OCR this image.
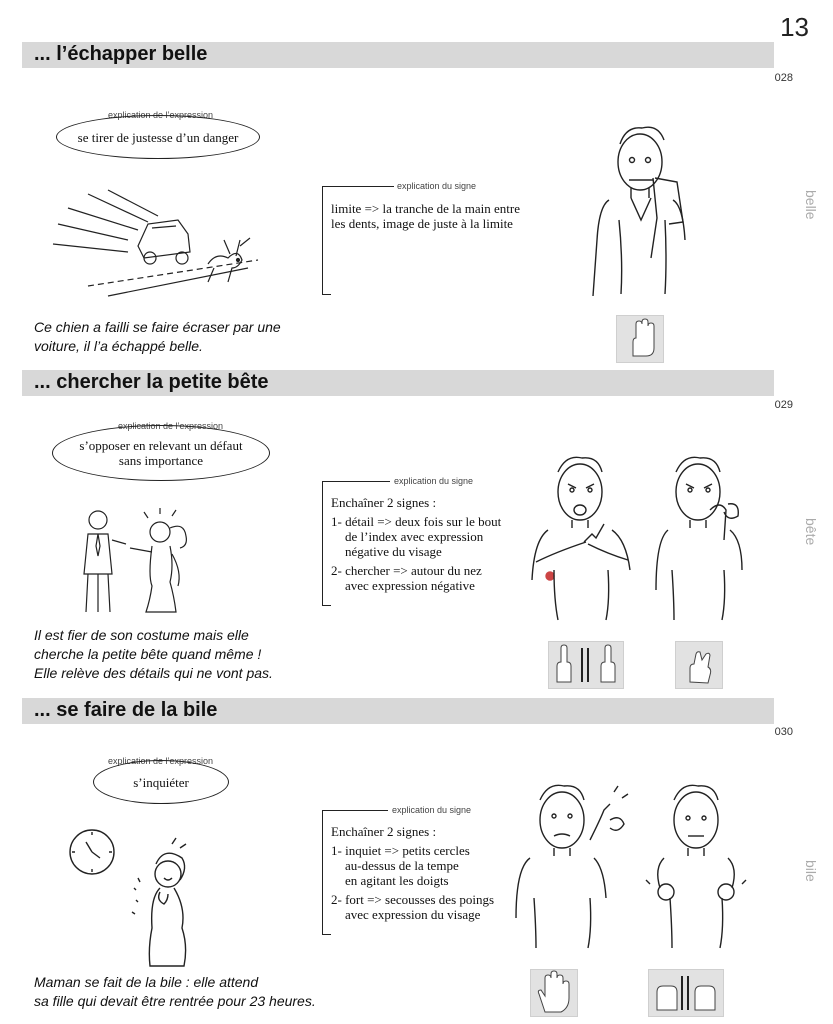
13
... l’échapper belle
028
explication de l’expression
se tirer de justesse d’un danger
Ce chien a failli se faire écraser par une
voiture, il l’a échappé belle.
explication du signe
limite => la tranche de la main entre
les dents, image de juste à la limite
belle
... chercher la petite bête
029
explication de l’expression
s’opposer en relevant un défaut
sans importance
Il est fier de son costume mais elle
cherche la petite bête quand même !
Elle relève des détails qui ne vont pas.
explication du signe
Enchaîner 2 signes :
1- détail => deux fois sur le bout
de l’index avec expression
négative du visage
2- chercher => autour du nez
avec expression négative
bête
... se faire de la bile
030
explication de l’expression
s’inquiéter
Maman se fait de la bile : elle attend
sa fille qui devait être rentrée pour 23 heures.
explication du signe
Enchaîner 2 signes :
1- inquiet => petits cercles
au-dessus de la tempe
en agitant les doigts
2- fort => secousses des poings
avec expression du visage
bile
